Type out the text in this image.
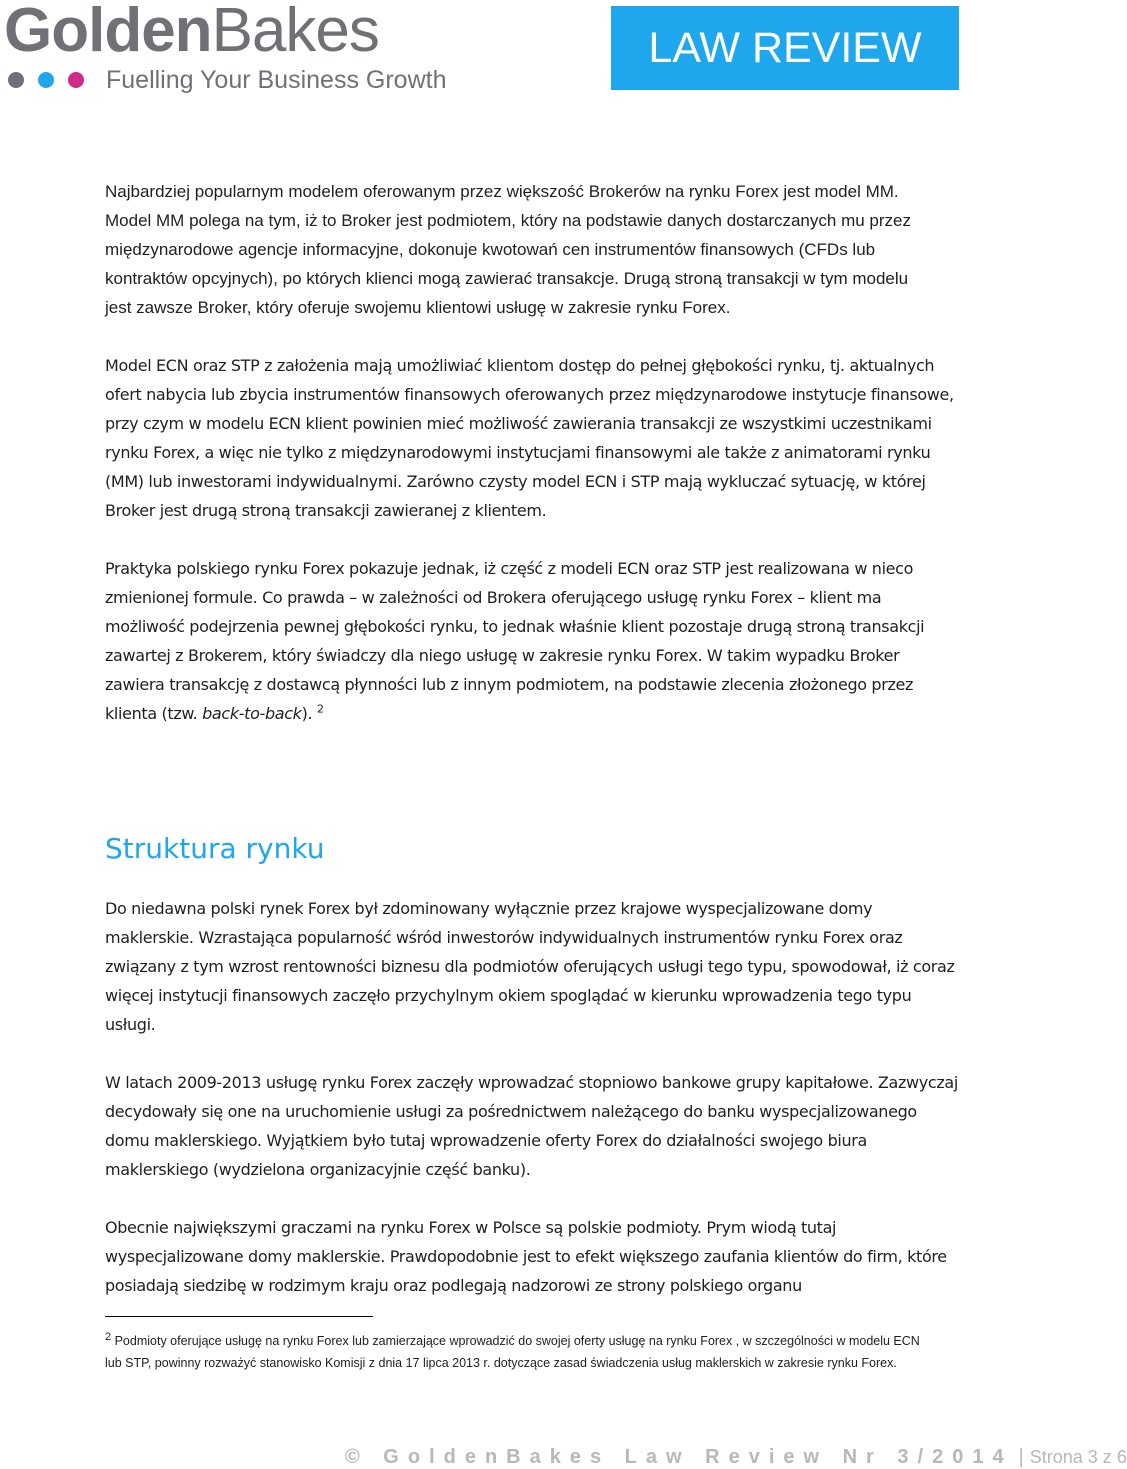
GoldenBakes
Fuelling Your Business Growth
LAW REVIEW

Najbardziej popularnym modelem oferowanym przez większość Brokerów na rynku Forex jest model MM. Model MM polega na tym, iż to Broker jest podmiotem, który na podstawie danych dostarczanych mu przez międzynarodowe agencje informacyjne, dokonuje kwotowań cen instrumentów finansowych (CFDs lub kontraktów opcyjnych), po których klienci mogą zawierać transakcje. Drugą stroną transakcji w tym modelu jest zawsze Broker, który oferuje swojemu klientowi usługę w zakresie rynku Forex.

Model ECN oraz STP z założenia mają umożliwiać klientom dostęp do pełnej głębokości rynku, tj. aktualnych ofert nabycia lub zbycia instrumentów finansowych oferowanych przez międzynarodowe instytucje finansowe, przy czym w modelu ECN klient powinien mieć możliwość zawierania transakcji ze wszystkimi uczestnikami rynku Forex, a więc nie tylko z międzynarodowymi instytucjami finansowymi ale także z animatorami rynku (MM) lub inwestorami indywidualnymi. Zarówno czysty model ECN i STP mają wykluczać sytuację, w której Broker jest drugą stroną transakcji zawieranej z klientem.

Praktyka polskiego rynku Forex pokazuje jednak, iż część z modeli ECN oraz STP jest realizowana w nieco zmienionej formule. Co prawda – w zależności od Brokera oferującego usługę rynku Forex – klient ma możliwość podejrzenia pewnej głębokości rynku, to jednak właśnie klient pozostaje drugą stroną transakcji zawartej z Brokerem, który świadczy dla niego usługę w zakresie rynku Forex. W takim wypadku Broker zawiera transakcję z dostawcą płynności lub z innym podmiotem, na podstawie zlecenia złożonego przez klienta (tzw. back-to-back). $^2$

Struktura rynku

Do niedawna polski rynek Forex był zdominowany wyłącznie przez krajowe wyspecjalizowane domy maklerskie. Wzrastająca popularność wśród inwestorów indywidualnych instrumentów rynku Forex oraz związany z tym wzrost rentowności biznesu dla podmiotów oferujących usługi tego typu, spowodował, iż coraz więcej instytucji finansowych zaczęło przychylnym okiem spoglądać w kierunku wprowadzenia tego typu usługi.

W latach 2009-2013 usługę rynku Forex zaczęły wprowadzać stopniowo bankowe grupy kapitałowe. Zazwyczaj decydowały się one na uruchomienie usługi za pośrednictwem należącego do banku wyspecjalizowanego domu maklerskiego. Wyjątkiem było tutaj wprowadzenie oferty Forex do działalności swojego biura maklerskiego (wydzielona organizacyjnie część banku).

Obecnie największymi graczami na rynku Forex w Polsce są polskie podmioty. Prym wiodą tutaj wyspecjalizowane domy maklerskie. Prawdopodobnie jest to efekt większego zaufania klientów do firm, które posiadają siedzibę w rodzimym kraju oraz podlegają nadzorowi ze strony polskiego organu

$^2$ Podmioty oferujące usługę na rynku Forex lub zamierzające wprowadzić do swojej oferty usługę na rynku Forex , w szczególności w modelu ECN lub STP, powinny rozważyć stanowisko Komisji z dnia 17 lipca 2013 r. dotyczące zasad świadczenia usług maklerskich w zakresie rynku Forex.
© GoldenBakes Law Review Nr 3/2014 | Strona 3 z 6
